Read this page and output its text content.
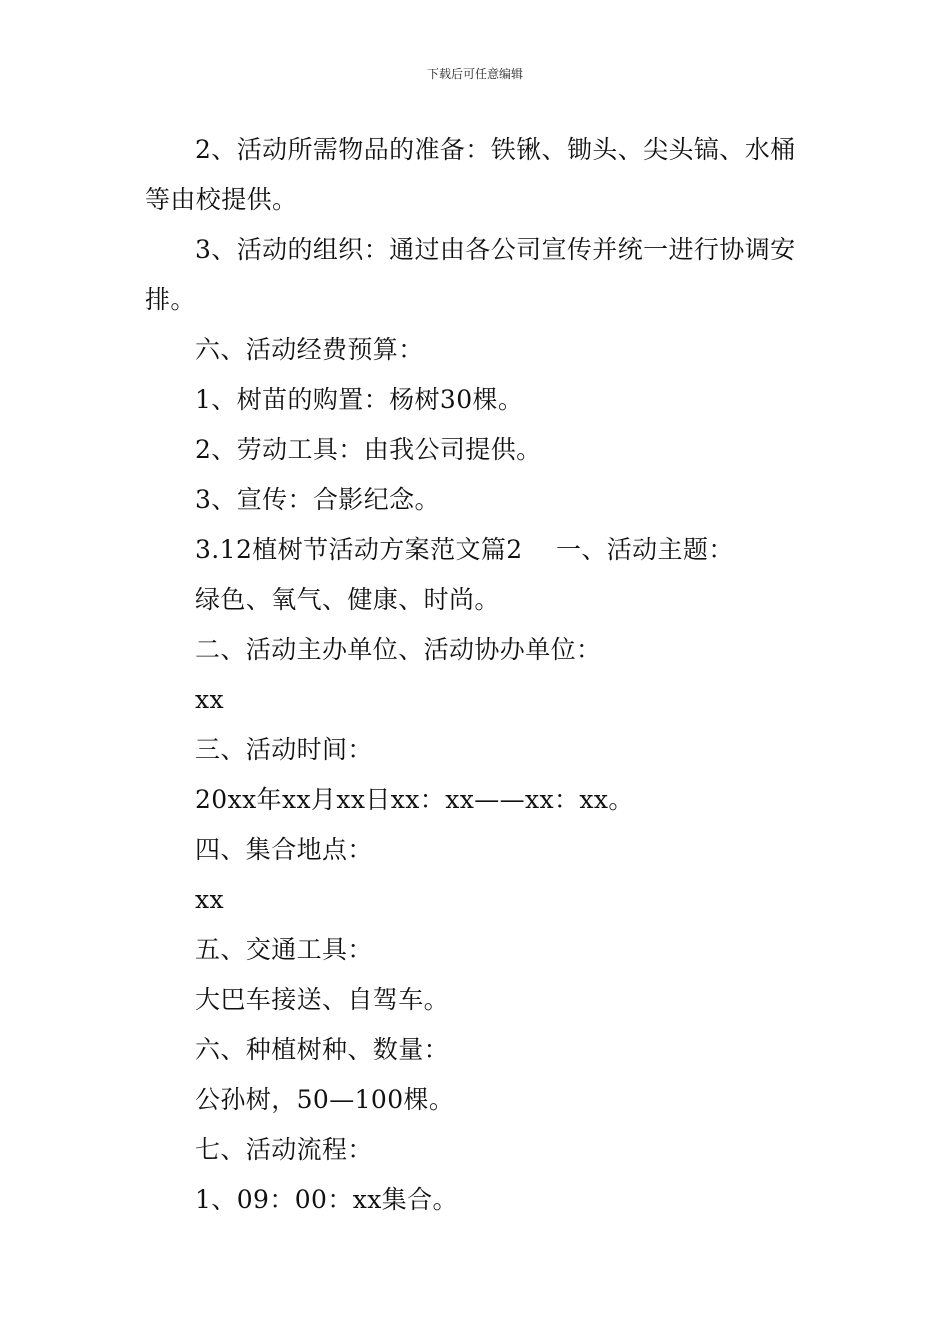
下载后可任意编辑

2、活动所需物品的准备：铁锹、锄头、尖头镐、水桶等由校提供。

3、活动的组织：通过由各公司宣传并统一进行协调安排。

六、活动经费预算：

1、树苗的购置：杨树30棵。

2、劳动工具：由我公司提供。

3、宣传：合影纪念。

3.12植树节活动方案范文篇2    一、活动主题：

绿色、氧气、健康、时尚。

二、活动主办单位、活动协办单位：

xx

三、活动时间：

20xx年xx月xx日xx：xx——xx：xx。

四、集合地点：

xx

五、交通工具：

大巴车接送、自驾车。

六、种植树种、数量：

公孙树，50—100棵。

七、活动流程：

1、09：00：xx集合。
